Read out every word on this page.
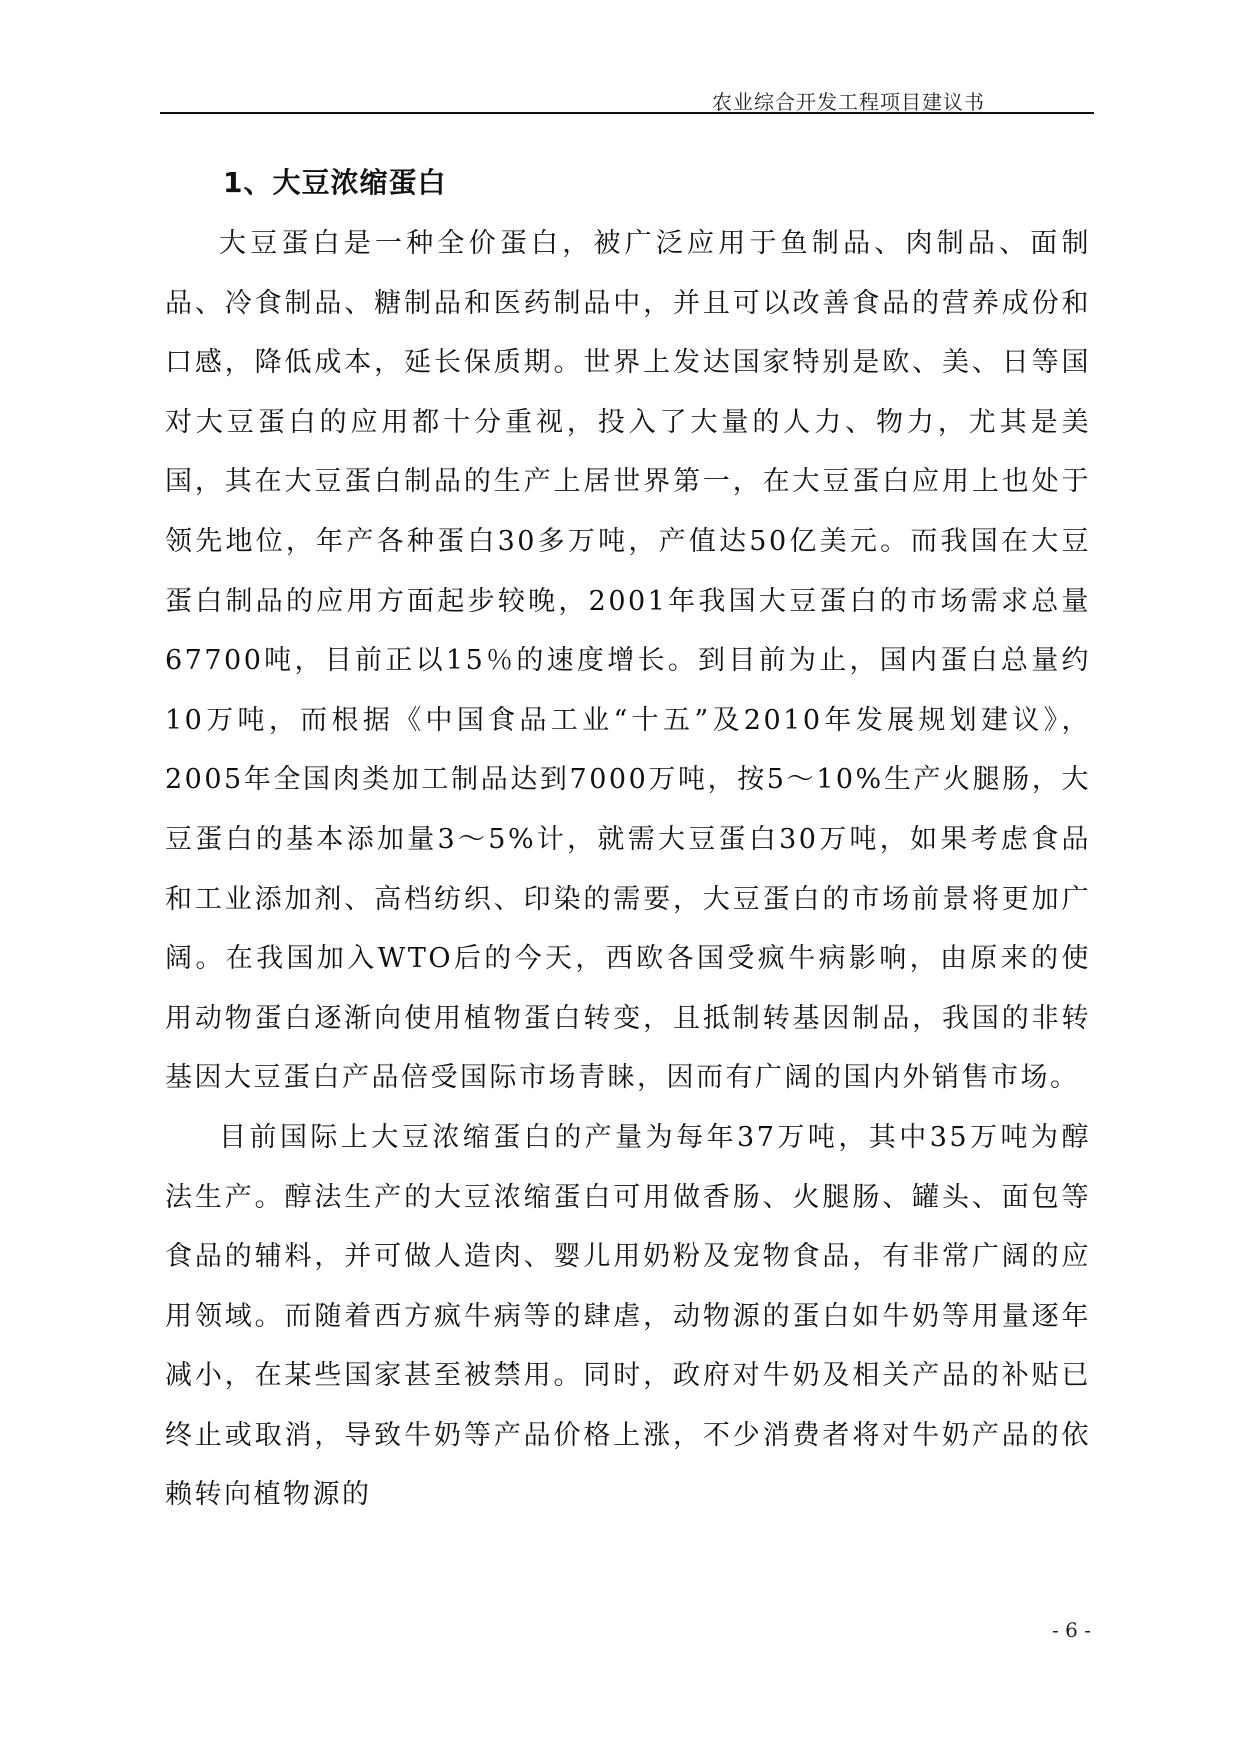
农业综合开发工程项目建议书
1、大豆浓缩蛋白

大豆蛋白是一种全价蛋白，被广泛应用于鱼制品、肉制品、面制品、冷食制品、糖制品和医药制品中，并且可以改善食品的营养成份和口感，降低成本，延长保质期。世界上发达国家特别是欧、美、日等国对大豆蛋白的应用都十分重视，投入了大量的人力、物力，尤其是美国，其在大豆蛋白制品的生产上居世界第一，在大豆蛋白应用上也处于领先地位，年产各种蛋白30多万吨，产值达50亿美元。而我国在大豆蛋白制品的应用方面起步较晚，2001年我国大豆蛋白的市场需求总量67700吨，目前正以15％的速度增长。到目前为止，国内蛋白总量约10万吨，而根据《中国食品工业“十五”及2010年发展规划建议》，2005年全国肉类加工制品达到7000万吨，按5～10%生产火腿肠，大豆蛋白的基本添加量3～5%计，就需大豆蛋白30万吨，如果考虑食品和工业添加剂、高档纺织、印染的需要，大豆蛋白的市场前景将更加广阔。在我国加入WTO后的今天，西欧各国受疯牛病影响，由原来的使用动物蛋白逐渐向使用植物蛋白转变，且抵制转基因制品，我国的非转基因大豆蛋白产品倍受国际市场青睐，因而有广阔的国内外销售市场。

目前国际上大豆浓缩蛋白的产量为每年37万吨，其中35万吨为醇法生产。醇法生产的大豆浓缩蛋白可用做香肠、火腿肠、罐头、面包等食品的辅料，并可做人造肉、婴儿用奶粉及宠物食品，有非常广阔的应用领域。而随着西方疯牛病等的肆虐，动物源的蛋白如牛奶等用量逐年减小，在某些国家甚至被禁用。同时，政府对牛奶及相关产品的补贴已终止或取消，导致牛奶等产品价格上涨，不少消费者将对牛奶产品的依赖转向植物源的

- 6 -
